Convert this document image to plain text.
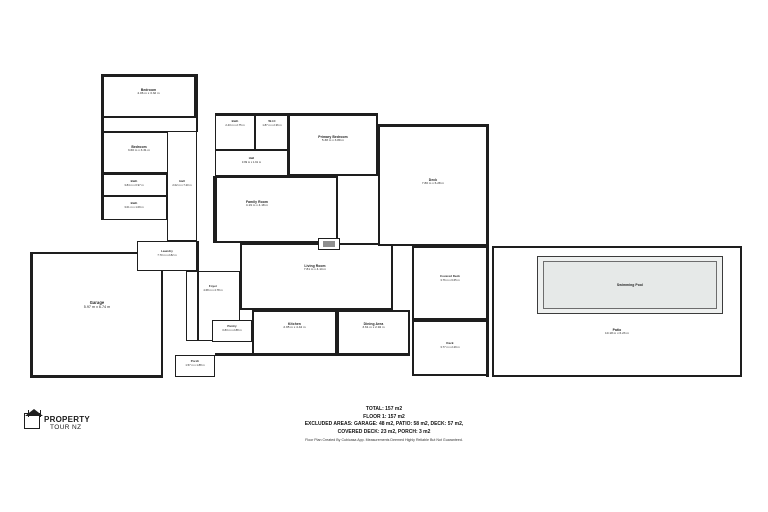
Garage
5.97 m x 6.74 m
Bedroom
4.06 m x 3.32 m
Bedroom
3.60 m x 3.31 m
Bath
3.84 m x 0.97 m
Bath
3.01 m x 1.09 m
Hall
2.02 m x 7.20 m
Bath
2.43 m x 2.75 m
W.I.C
1.87 m x 2.36 m
Hall
3.99 m x 1.91 m
Primary Bedroom
5.38 m x 3.89 m
Family Room
4.19 m x 4.18 m
Laundry
7.70 m x 2.82 m
Living Room
7.81 m x 4.14 m
Foyer
4.68 m x 4.78 m
Pantry
0.83 m x 2.88 m
Kitchen
2.95 m x 4.44 m
Dining Area
3.61 m x 2.94 m
Porch
1.57 m x 1.88 m
Deck
7.80 m x 6.28 m
Covered Deck
3.76 m x 6.65 m
Deck
3.77 m x 2.29 m
Patio
10.18 m x 6.23 m
Swimming Pool
PROPERTY
TOUR NZ
TOTAL: 157 m2
FLOOR 1: 157 m2
EXCLUDED AREAS: GARAGE: 48 m2, PATIO: 58 m2, DECK: 57 m2,
COVERED DECK: 23 m2, PORCH: 3 m2
Floor Plan Created By Cubicasa App. Measurements Deemed Highly Reliable But Not Guaranteed.
